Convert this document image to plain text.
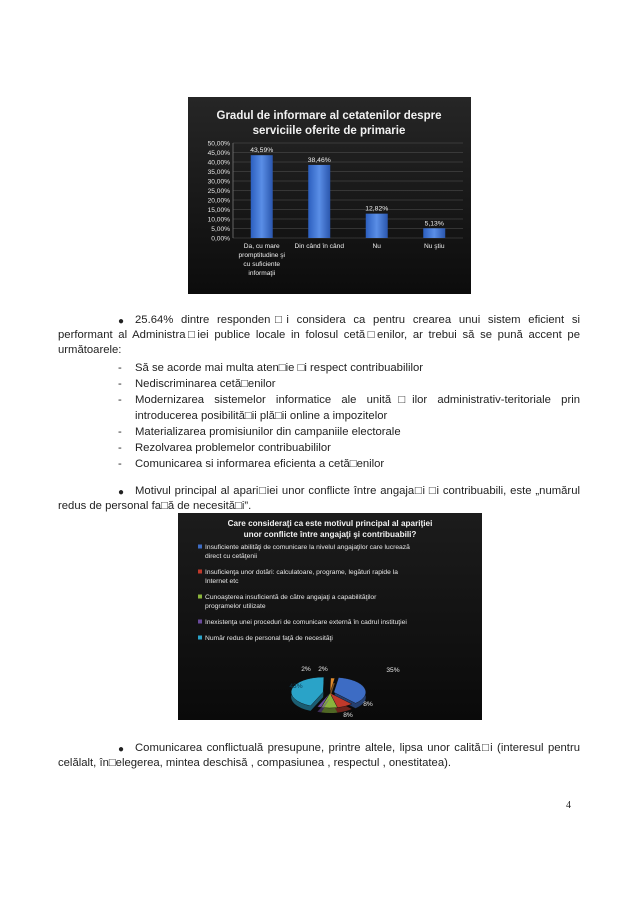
Gradul de informare al cetatenilor despre
serviciile oferite de primarie
0,00%
5,00%
10,00%
15,00%
20,00%
25,00%
30,00%
35,00%
40,00%
45,00%
50,00%
43,59%
Da, cu mare
promptitudine şi
cu suficiente
informaţii
38,46%
Din când în când
12,82%
Nu
5,13%
Nu ştiu
● 25.64% dintre responden□i considera ca pentru crearea unui sistem eficient si
performant al Administra□iei publice locale in folosul cetă□enilor, ar trebui să se pună accent pe
următoarele:
- Să se acorde mai multa aten□ie □i respect contribuabililor
- Nediscriminarea cetă□enilor
- Modernizarea sistemelor informatice ale unită□ilor administrativ-teritoriale prin
introducerea posibilită□ii plă□ii online a impozitelor
- Materializarea promisiunilor din campaniile electorale
- Rezolvarea problemelor contribuabililor
- Comunicarea si informarea eficienta a cetă□enilor
● Motivul principal al apari□iei unor conflicte între angaja□i □i contribuabili, este „numărul
redus de personal fa□ă de necesită□i”.
Care consideraţi ca este motivul principal al apariţiei
unor conflicte între angajaţi şi contribuabili?
Insuficiente abilităţi de comunicare la nivelul angajaţilor care lucrează
direct cu cetăţenii
Insuficienţa unor dotări: calculatoare, programe, legături rapide la
Internet etc
Cunoaşterea insuficientă de către angajaţi a capabilităţilor
programelor utilizate
Inexistenţa unei proceduri de comunicare externă în cadrul instituţiei
Număr redus de personal faţă de necesităţi
35%
8%
8%
2%
43%
2%
● Comunicarea conflictuală presupune, printre altele, lipsa unor calită□i (interesul pentru
celălalt, în□elegerea, mintea deschisă , compasiunea , respectul , onestitatea).
4
